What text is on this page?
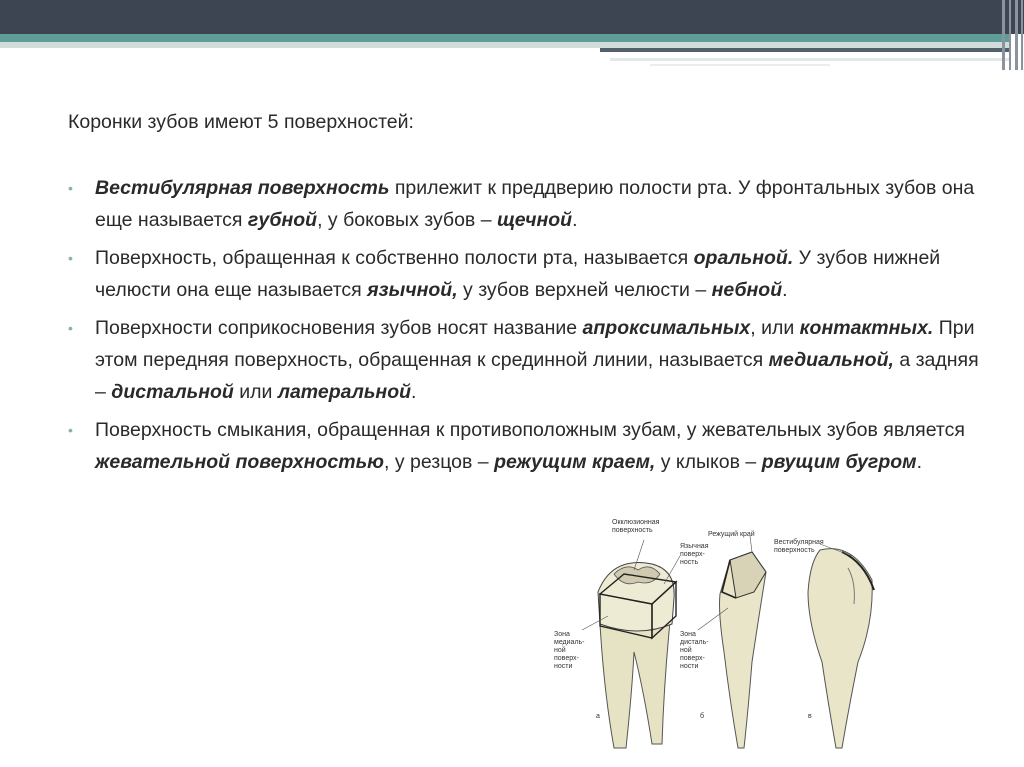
Коронки зубов имеют 5 поверхностей:

• Вестибулярная поверхность прилежит к преддверию полости рта. У фронтальных зубов она еще называется губной, у боковых зубов – щечной.
• Поверхность, обращенная к собственно полости рта, называется оральной. У зубов нижней челюсти она еще называется язычной, у зубов верхней челюсти – небной.
• Поверхности соприкосновения зубов носят название апроксимальных, или контактных. При этом передняя поверхность, обращенная к срединной линии, называется медиальной, а задняя – дистальной или латеральной.
• Поверхность смыкания, обращенная к противоположным зубам, у жевательных зубов является жевательной поверхностью, у резцов – режущим краем, у клыков – рвущим бугром.
Окклюзионная поверхность
Язычная поверх-ность
Зона медиаль-ной поверх-ности
Режущий край
Зона дисталь-ной поверх-ности
Вестибулярная поверхность
а	б	в
